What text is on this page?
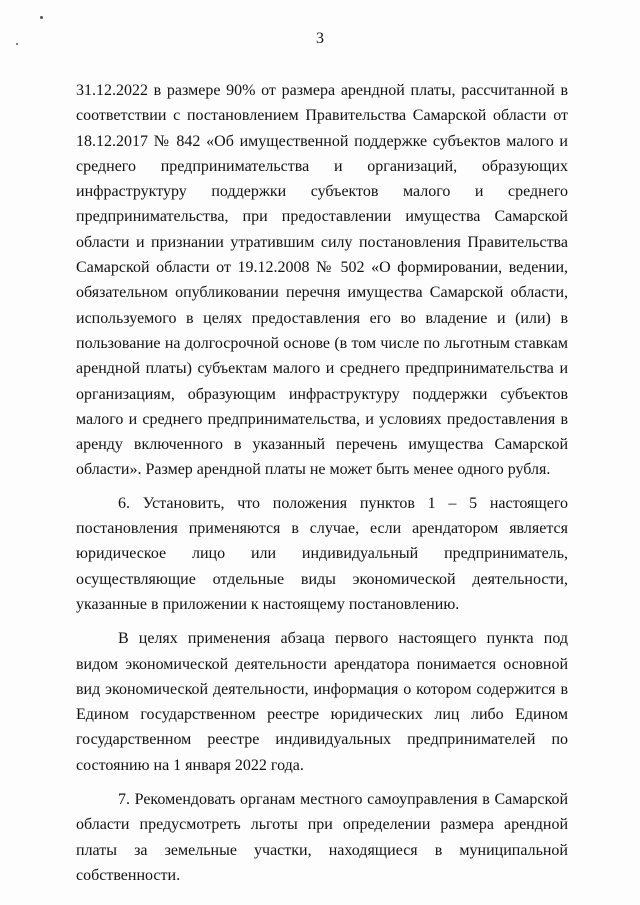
3

31.12.2022 в размере 90% от размера арендной платы, рассчитанной в соответствии с постановлением Правительства Самарской области от 18.12.2017 № 842 «Об имущественной поддержке субъектов малого и среднего предпринимательства и организаций, образующих инфраструктуру поддержки субъектов малого и среднего предпринимательства, при предоставлении имущества Самарской области и признании утратившим силу постановления Правительства Самарской области от 19.12.2008 № 502 «О формировании, ведении, обязательном опубликовании перечня имущества Самарской области, используемого в целях предоставления его во владение и (или) в пользование на долгосрочной основе (в том числе по льготным ставкам арендной платы) субъектам малого и среднего предпринимательства и организациям, образующим инфраструктуру поддержки субъектов малого и среднего предпринимательства, и условиях предоставления в аренду включенного в указанный перечень имущества Самарской области». Размер арендной платы не может быть менее одного рубля.

6. Установить, что положения пунктов 1 – 5 настоящего постановления применяются в случае, если арендатором является юридическое лицо или индивидуальный предприниматель, осуществляющие отдельные виды экономической деятельности, указанные в приложении к настоящему постановлению.

В целях применения абзаца первого настоящего пункта под видом экономической деятельности арендатора понимается основной вид экономической деятельности, информация о котором содержится в Едином государственном реестре юридических лиц либо Едином государственном реестре индивидуальных предпринимателей по состоянию на 1 января 2022 года.

7. Рекомендовать органам местного самоуправления в Самарской области предусмотреть льготы при определении размера арендной платы за земельные участки, находящиеся в муниципальной собственности.
